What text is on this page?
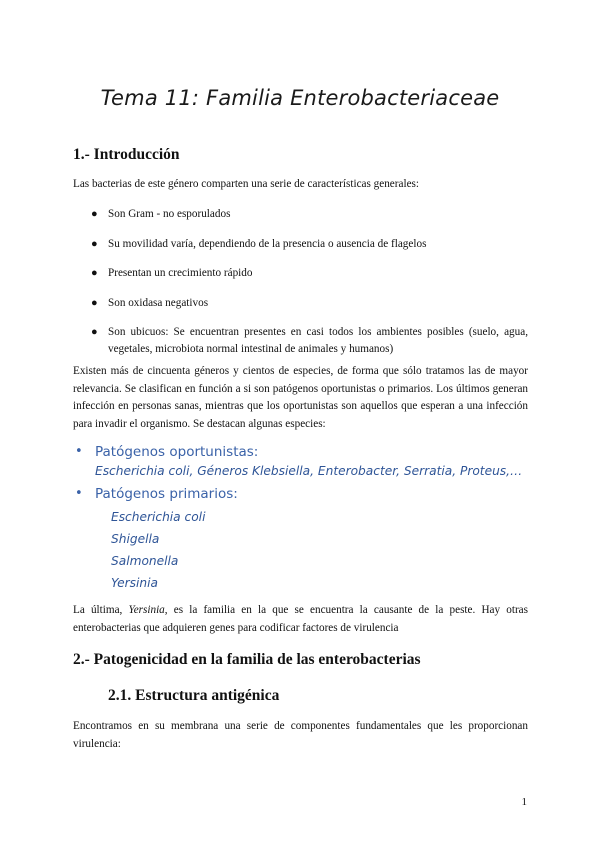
Tema 11: Familia Enterobacteriaceae
1.- Introducción
Las bacterias de este género comparten una serie de características generales:
● Son Gram - no esporulados
● Su movilidad varía, dependiendo de la presencia o ausencia de flagelos
● Presentan un crecimiento rápido
● Son oxidasa negativos
● Son ubicuos: Se encuentran presentes en casi todos los ambientes posibles (suelo, agua, vegetales, microbiota normal intestinal de animales y humanos)
Existen más de cincuenta géneros y cientos de especies, de forma que sólo tratamos las de mayor relevancia. Se clasifican en función a si son patógenos oportunistas o primarios. Los últimos generan infección en personas sanas, mientras que los oportunistas son aquellos que esperan a una infección para invadir el organismo. Se destacan algunas especies:
• Patógenos oportunistas:
Escherichia coli, Géneros Klebsiella, Enterobacter, Serratia, Proteus,…
• Patógenos primarios:
Escherichia coli
Shigella
Salmonella
Yersinia
La última, Yersinia, es la familia en la que se encuentra la causante de la peste. Hay otras enterobacterias que adquieren genes para codificar factores de virulencia
2.- Patogenicidad en la familia de las enterobacterias
2.1. Estructura antigénica
Encontramos en su membrana una serie de componentes fundamentales que les proporcionan virulencia:
1
